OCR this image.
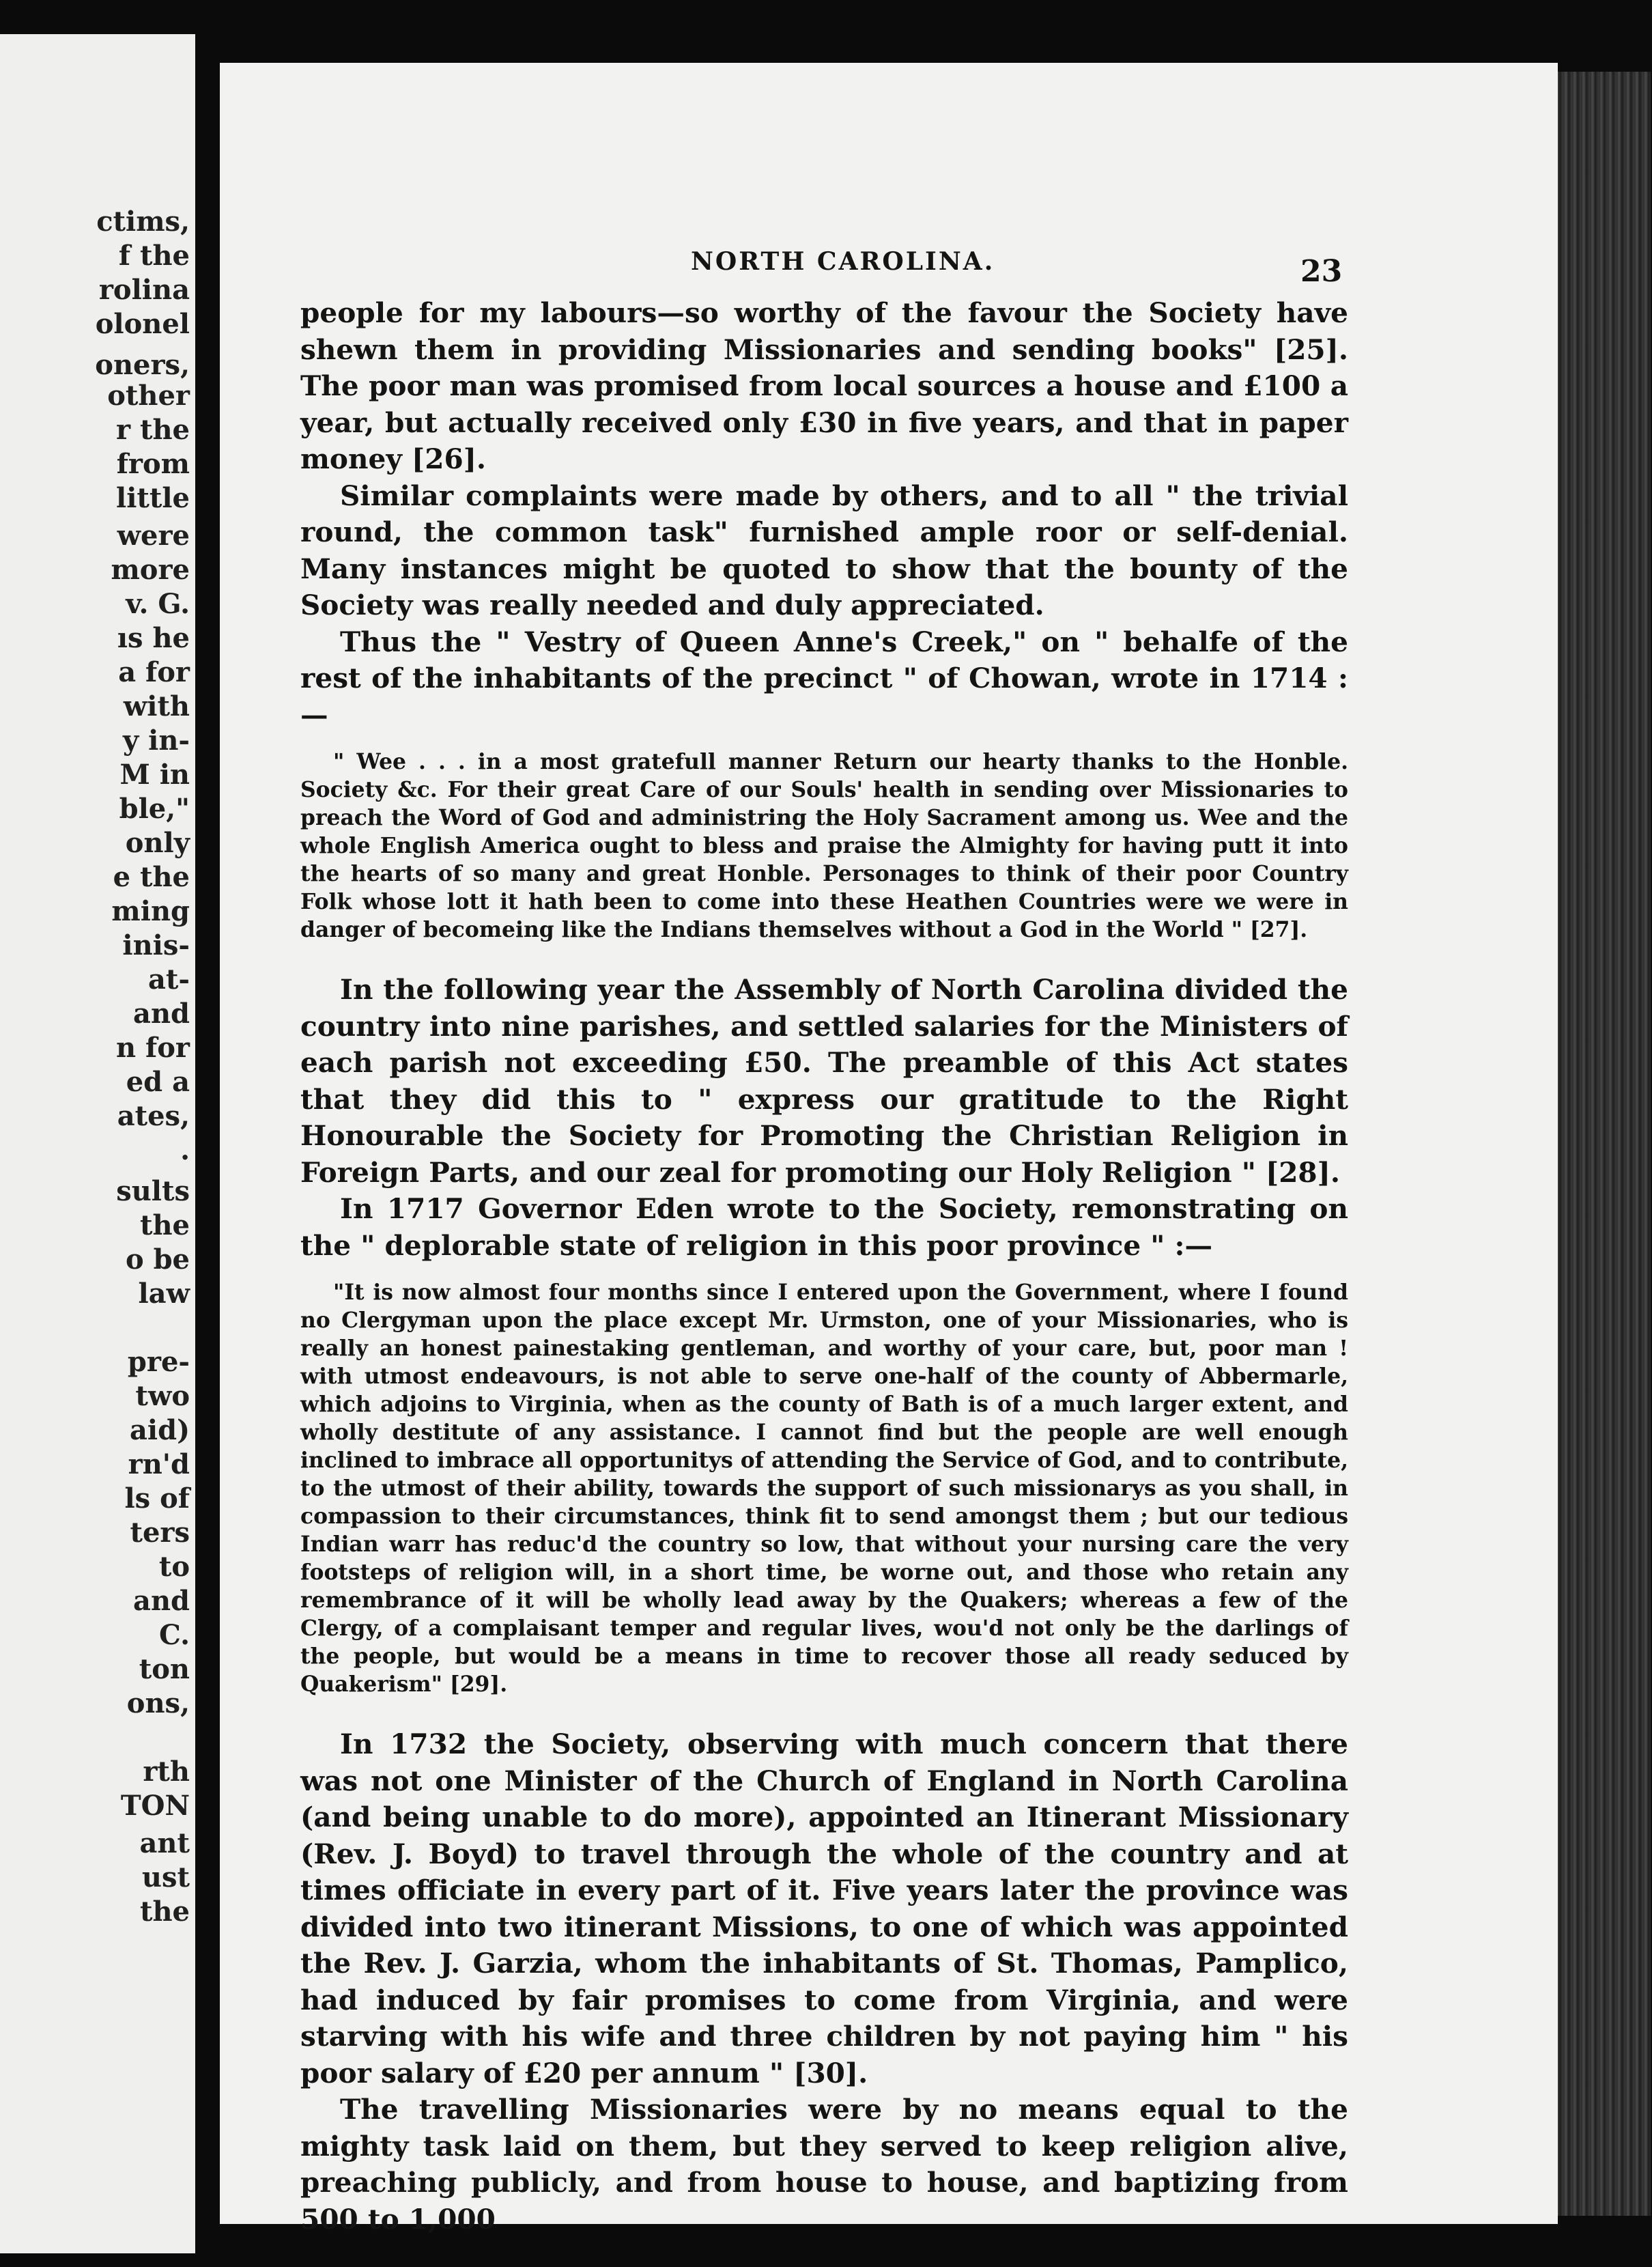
ctims,
f the
rolina
olonel
oners,
other
r the
from
little
were
more
v. G.
ıs he
a for
with
y in-
M in
ble,"
only
e the
ming
inis-
at-
and
n for
ed a
ates,
.
sults
the
o be
law
pre-
two
aid)
rn'd
ls of
ters
to
and
C.
ton
ons,
rth
TON
ant
ust
the
NORTH CAROLINA.	23

people for my labours—so worthy of the favour the Society have shewn them in providing Missionaries and sending books" [25]. The poor man was promised from local sources a house and £100 a year, but actually received only £30 in five years, and that in paper money [26].

Similar complaints were made by others, and to all " the trivial round, the common task" furnished ample roor or self-denial. Many instances might be quoted to show that the bounty of the Society was really needed and duly appreciated.

Thus the " Vestry of Queen Anne's Creek," on " behalfe of the rest of the inhabitants of the precinct " of Chowan, wrote in 1714 :—

" Wee . . . in a most gratefull manner Return our hearty thanks to the Honble. Society &c. For their great Care of our Souls' health in sending over Missionaries to preach the Word of God and administring the Holy Sacrament among us. Wee and the whole English America ought to bless and praise the Almighty for having putt it into the hearts of so many and great Honble. Personages to think of their poor Country Folk whose lott it hath been to come into these Heathen Countries were we were in danger of becomeing like the Indians themselves without a God in the World " [27].

In the following year the Assembly of North Carolina divided the country into nine parishes, and settled salaries for the Ministers of each parish not exceeding £50. The preamble of this Act states that they did this to " express our gratitude to the Right Honourable the Society for Promoting the Christian Religion in Foreign Parts, and our zeal for promoting our Holy Religion " [28].

In 1717 Governor Eden wrote to the Society, remonstrating on the " deplorable state of religion in this poor province " :—

"It is now almost four months since I entered upon the Government, where I found no Clergyman upon the place except Mr. Urmston, one of your Missionaries, who is really an honest painestaking gentleman, and worthy of your care, but, poor man ! with utmost endeavours, is not able to serve one-half of the county of Abbermarle, which adjoins to Virginia, when as the county of Bath is of a much larger extent, and wholly destitute of any assistance. I cannot find but the people are well enough inclined to imbrace all opportunitys of attending the Service of God, and to contribute, to the utmost of their ability, towards the support of such missionarys as you shall, in compassion to their circumstances, think fit to send amongst them ; but our tedious Indian warr has reduc'd the country so low, that without your nursing care the very footsteps of religion will, in a short time, be worne out, and those who retain any remembrance of it will be wholly lead away by the Quakers; whereas a few of the Clergy, of a complaisant temper and regular lives, wou'd not only be the darlings of the people, but would be a means in time to recover those all ready seduced by Quakerism" [29].

In 1732 the Society, observing with much concern that there was not one Minister of the Church of England in North Carolina (and being unable to do more), appointed an Itinerant Missionary (Rev. J. Boyd) to travel through the whole of the country and at times officiate in every part of it. Five years later the province was divided into two itinerant Missions, to one of which was appointed the Rev. J. Garzia, whom the inhabitants of St. Thomas, Pamplico, had induced by fair promises to come from Virginia, and were starving with his wife and three children by not paying him " his poor salary of £20 per annum " [30].

The travelling Missionaries were by no means equal to the mighty task laid on them, but they served to keep religion alive, preaching publicly, and from house to house, and baptizing from 500 to 1,000
